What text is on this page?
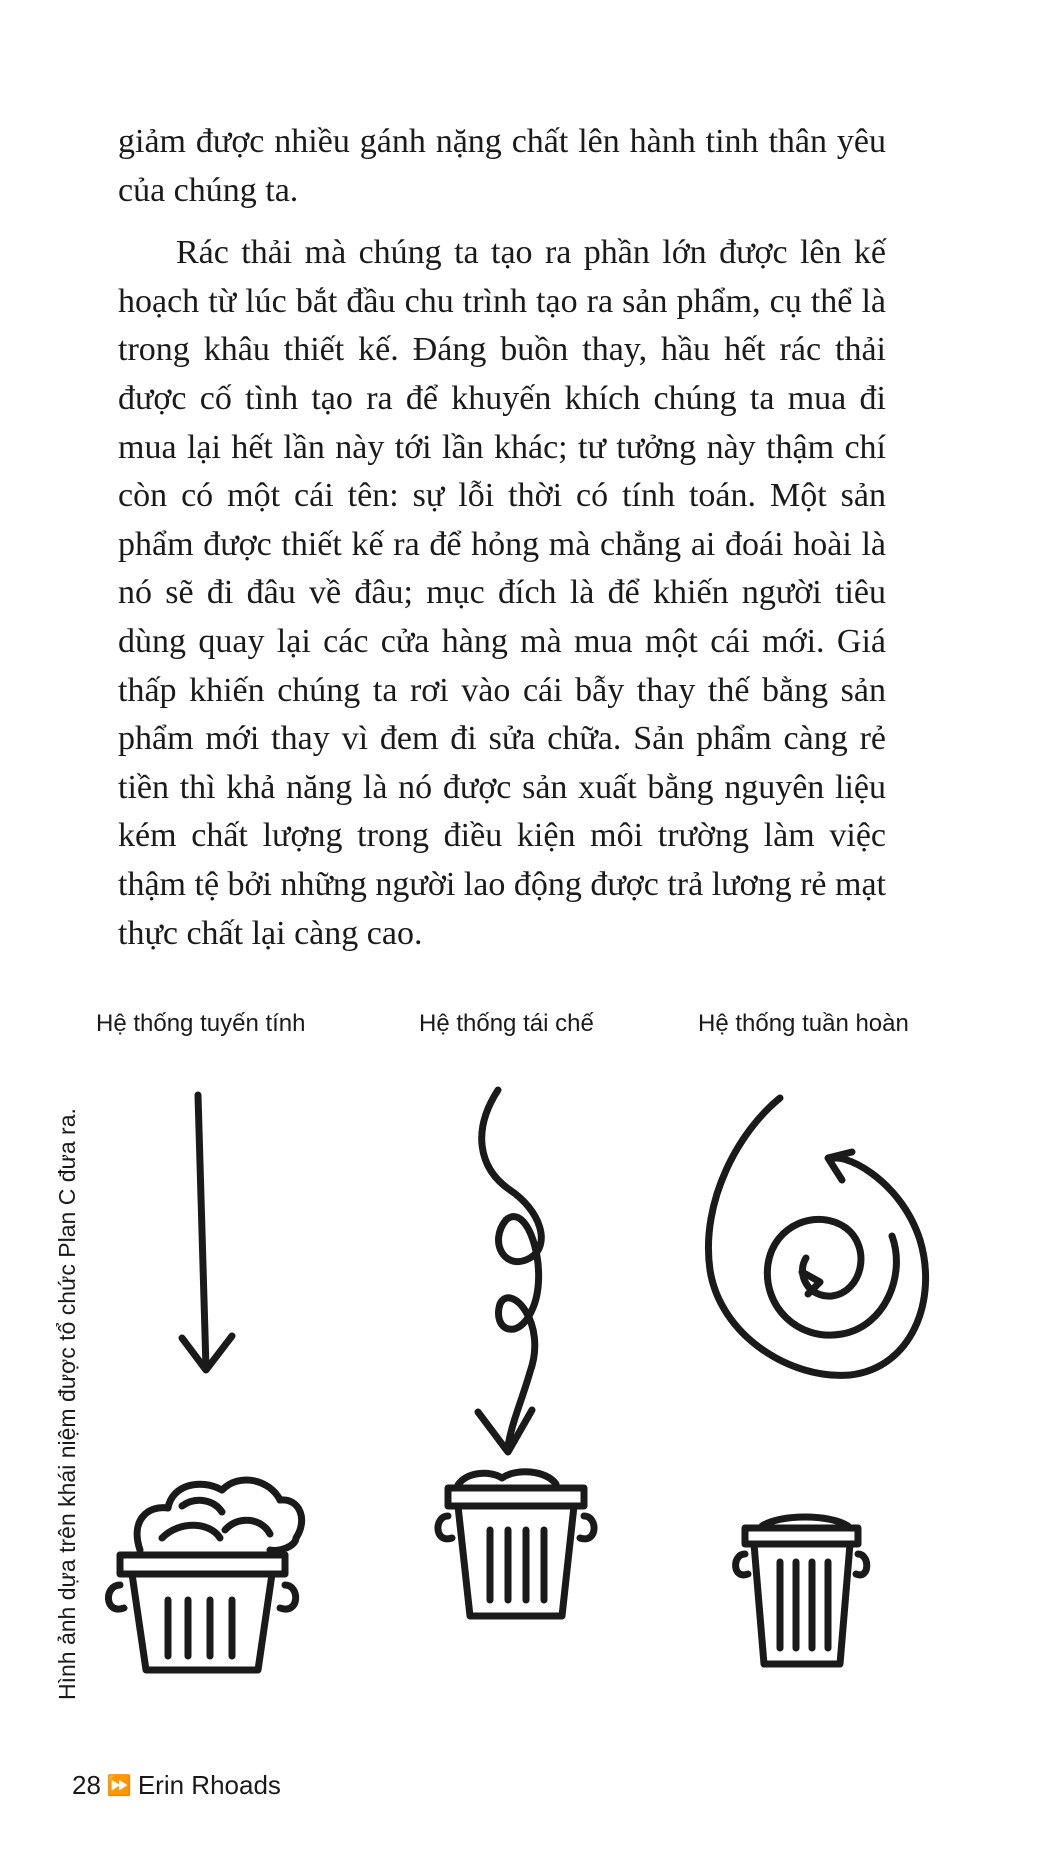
giảm được nhiều gánh nặng chất lên hành tinh thân yêu của chúng ta.

Rác thải mà chúng ta tạo ra phần lớn được lên kế hoạch từ lúc bắt đầu chu trình tạo ra sản phẩm, cụ thể là trong khâu thiết kế. Đáng buồn thay, hầu hết rác thải được cố tình tạo ra để khuyến khích chúng ta mua đi mua lại hết lần này tới lần khác; tư tưởng này thậm chí còn có một cái tên: sự lỗi thời có tính toán. Một sản phẩm được thiết kế ra để hỏng mà chẳng ai đoái hoài là nó sẽ đi đâu về đâu; mục đích là để khiến người tiêu dùng quay lại các cửa hàng mà mua một cái mới. Giá thấp khiến chúng ta rơi vào cái bẫy thay thế bằng sản phẩm mới thay vì đem đi sửa chữa. Sản phẩm càng rẻ tiền thì khả năng là nó được sản xuất bằng nguyên liệu kém chất lượng trong điều kiện môi trường làm việc thậm tệ bởi những người lao động được trả lương rẻ mạt thực chất lại càng cao.

Hệ thống tuyến tính	Hệ thống tái chế	Hệ thống tuần hoàn
Hình ảnh dựa trên khái niệm được tổ chức Plan C đưa ra.
28 ⏩ Erin Rhoads
